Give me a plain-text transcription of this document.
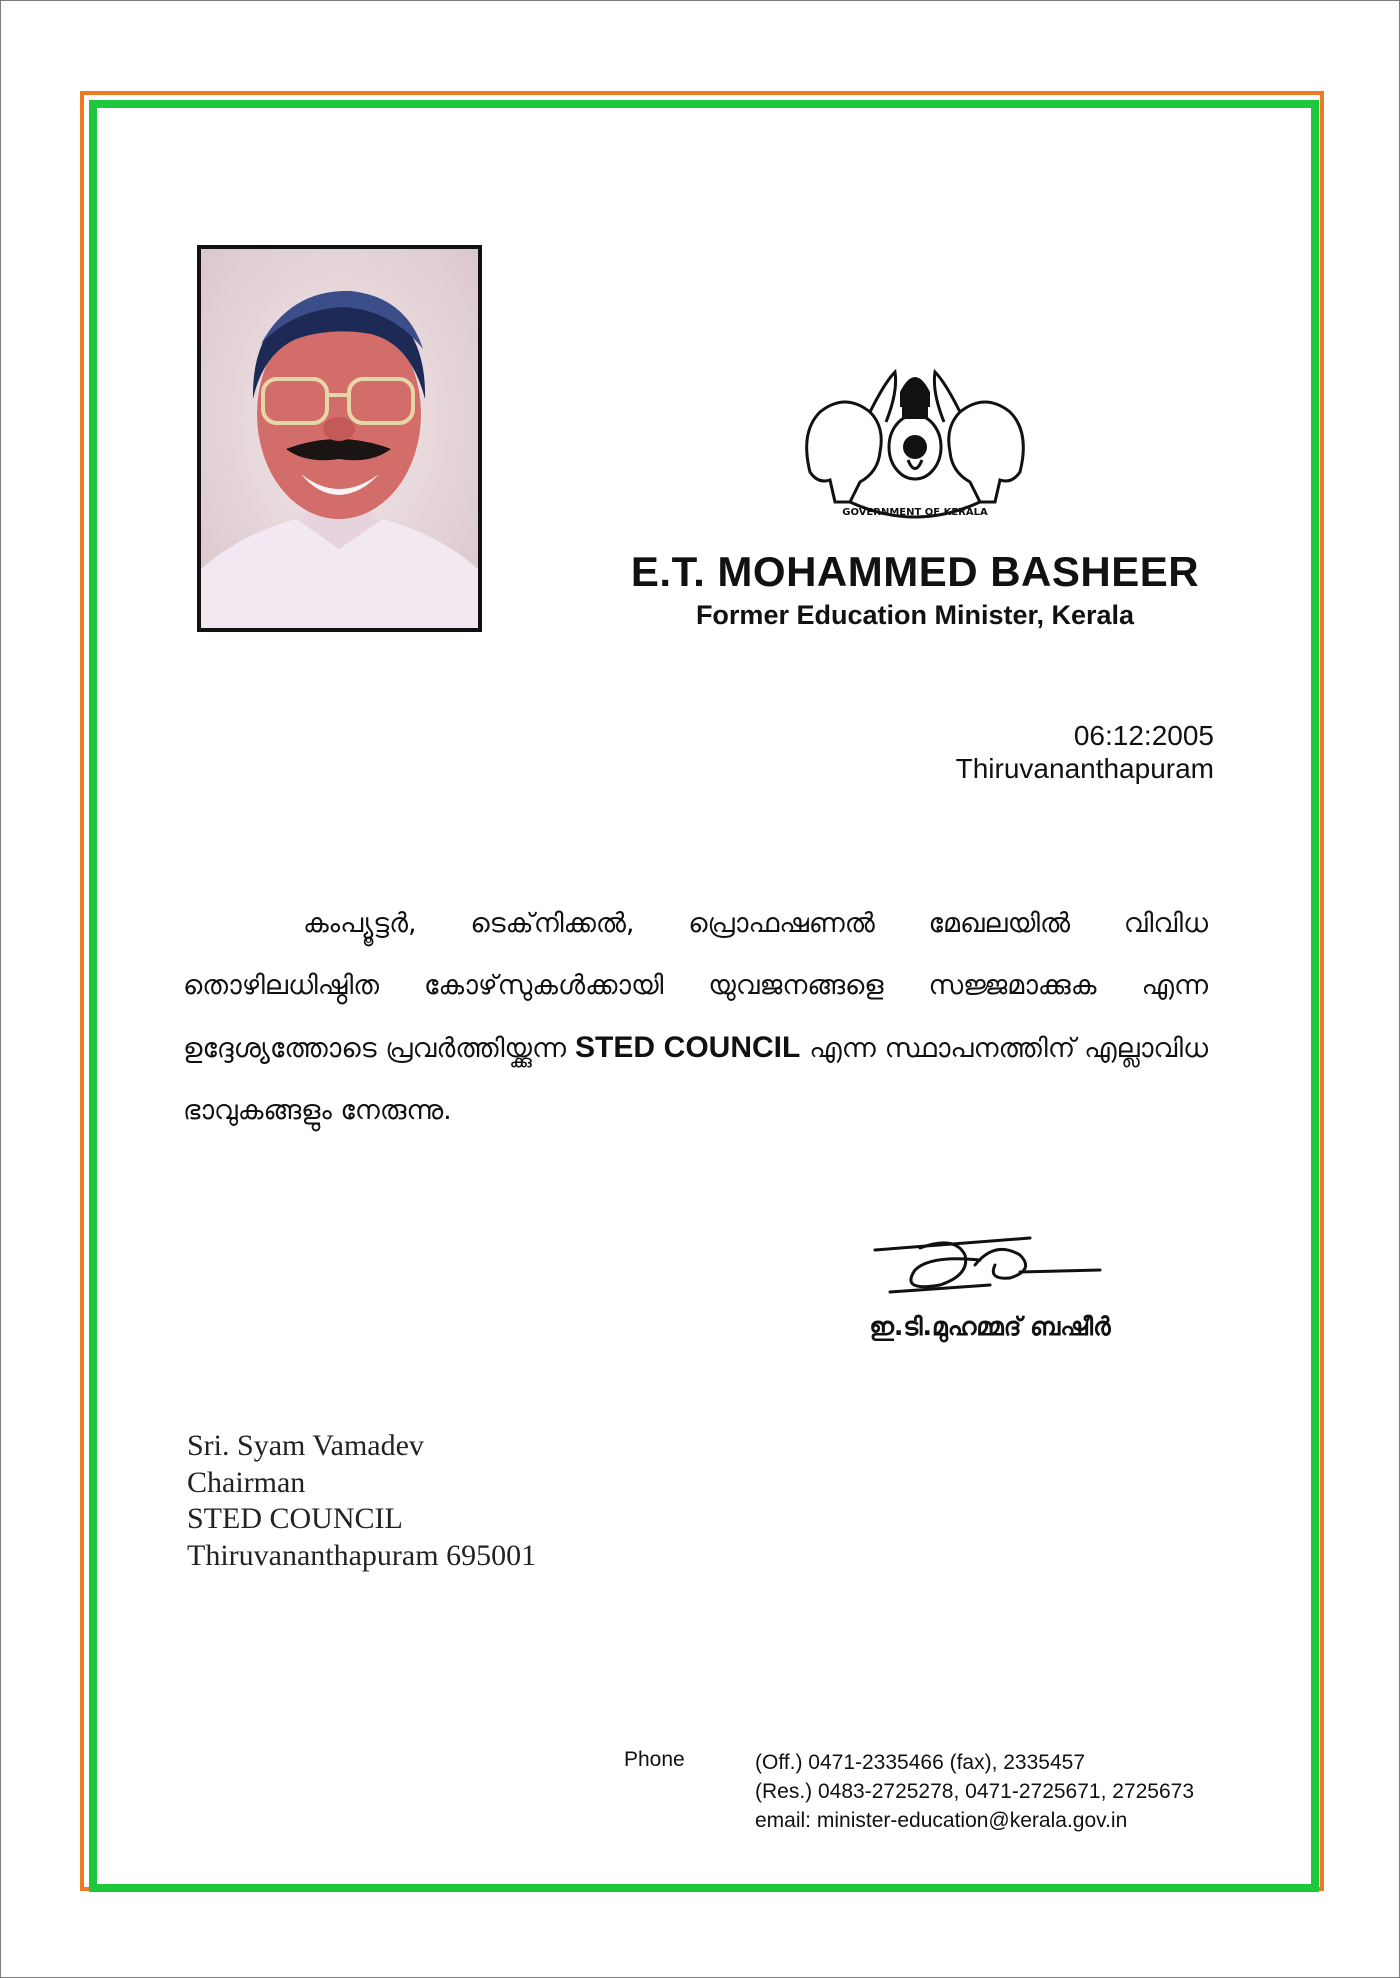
GOVERNMENT OF KERALA
E.T. MOHAMMED BASHEER
Former Education Minister, Kerala
06:12:2005
Thiruvananthapuram
കംപ്യൂട്ടർ, ടെക്‌നിക്കൽ, പ്രൊഫഷണൽ മേഖലയിൽ വിവിധ തൊഴിലധിഷ്ഠിത കോഴ്‌സുകൾക്കായി യുവജനങ്ങളെ സജ്ജമാക്കുക എന്ന ഉദ്ദേശ്യത്തോടെ പ്രവർത്തിയ്ക്കുന്ന STED COUNCIL എന്ന സ്ഥാപനത്തിന് എല്ലാവിധ ഭാവുകങ്ങളും നേരുന്നു.
ഇ.ടി.മുഹമ്മദ് ബഷീർ
Sri. Syam Vamadev
Chairman
STED COUNCIL
Thiruvananthapuram 695001
Phone	(Off.) 0471-2335466 (fax), 2335457
(Res.) 0483-2725278, 0471-2725671, 2725673
email: minister-education@kerala.gov.in
